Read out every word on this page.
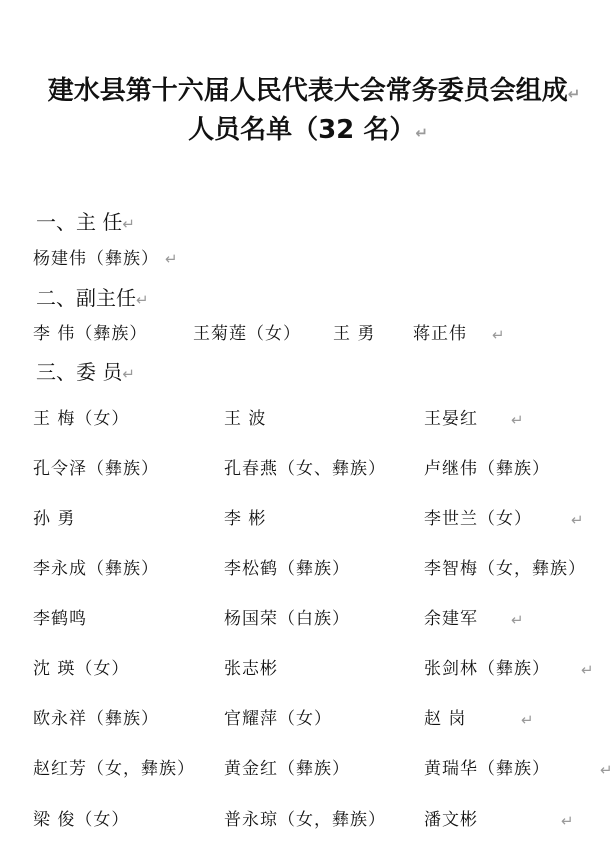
建水县第十六届人民代表大会常务委员会组成↵
人员名单（32 名）↵
一、主 任↵
杨建伟（彝族） ↵
二、副主任↵
李 伟（彝族）	王菊莲（女） 王 勇 蒋正伟 ↵
三、委 员↵
王 梅（女）	王 波	王晏红 ↵
孔令泽（彝族）	孔春燕（女、彝族） 卢继伟（彝族）
孙 勇	李 彬	李世兰（女）	↵
李永成（彝族）	李松鹤（彝族）	李智梅（女，彝族）
李鹤鸣	杨国荣（白族）	余建军 ↵
沈 瑛（女）	张志彬	张剑林（彝族） ↵
欧永祥（彝族）	官耀萍（女）	赵 岗	↵
赵红芳（女，彝族） 黄金红（彝族）	黄瑞华（彝族）	↵
梁 俊（女）	普永琼（女，彝族） 潘文彬	↵
